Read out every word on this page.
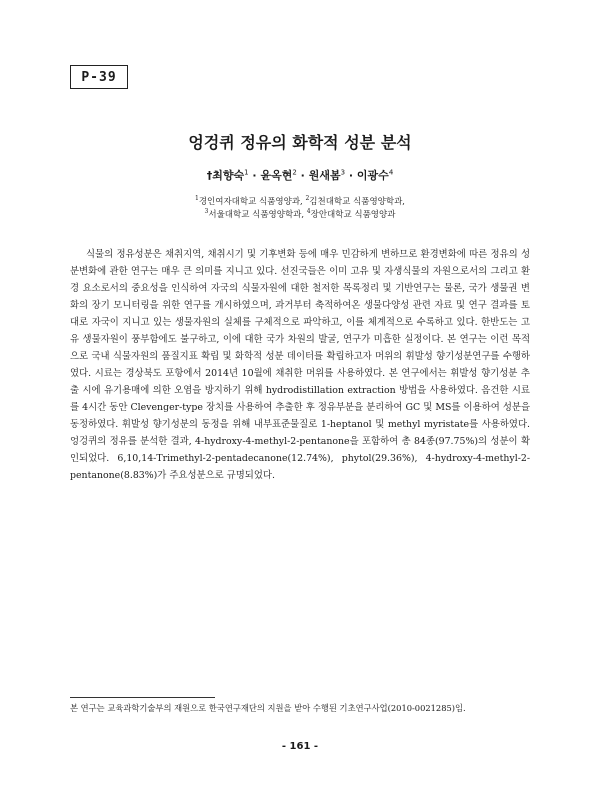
P-39
엉겅퀴 정유의 화학적 성분 분석
†최향숙$^1$ · 윤옥현$^2$ · 원새봄$^3$ · 이광수$^4$
$^1$경인여자대학교 식품영양과, $^2$김천대학교 식품영양학과,
$^3$서울대학교 식품영양학과, $^4$장안대학교 식품영양과

식물의 정유성분은 채취지역, 채취시기 및 기후변화 등에 매우 민감하게 변하므로 환경변화에 따른 정유의 성분변화에 관한 연구는 매우 큰 의미를 지니고 있다. 선진국들은 이미 고유 및 자생식물의 자원으로서의 그리고 환경 요소로서의 중요성을 인식하여 자국의 식물자원에 대한 철저한 목록정리 및 기반연구는 물론, 국가 생물권 변화의 장기 모니터링을 위한 연구를 개시하였으며, 과거부터 축적하여온 생물다양성 관련 자료 및 연구 결과를 토대로 자국이 지니고 있는 생물자원의 실체를 구체적으로 파악하고, 이를 체계적으로 수록하고 있다. 한반도는 고유 생물자원이 풍부함에도 불구하고, 이에 대한 국가 차원의 발굴, 연구가 미흡한 실정이다. 본 연구는 이런 목적으로 국내 식물자원의 품질지표 확립 및 화학적 성분 데이터를 확립하고자 머위의 휘발성 향기성분연구를 수행하였다. 시료는 경상북도 포항에서 2014년 10월에 채취한 머위를 사용하였다. 본 연구에서는 휘발성 향기성분 추출 시에 유기용매에 의한 오염을 방지하기 위해 hydrodistillation extraction 방법을 사용하였다. 음건한 시료를 4시간 동안 Clevenger-type 장치를 사용하여 추출한 후 정유부분을 분리하여 GC 및 MS를 이용하여 성분을 동정하였다. 휘발성 향기성분의 동정을 위해 내부표준물질로 1-heptanol 및 methyl myristate를 사용하였다. 엉겅퀴의 정유를 분석한 결과, 4-hydroxy-4-methyl-2-pentanone을 포함하여 총 84종(97.75%)의 성분이 확인되었다. 6,10,14-Trimethyl-2-pentadecanone(12.74%), phytol(29.36%), 4-hydroxy-4-methyl-2-pentanone(8.83%)가 주요성분으로 규명되었다.

본 연구는 교육과학기술부의 재원으로 한국연구재단의 지원을 받아 수행된 기초연구사업(2010-0021285)임.
- 161 -
